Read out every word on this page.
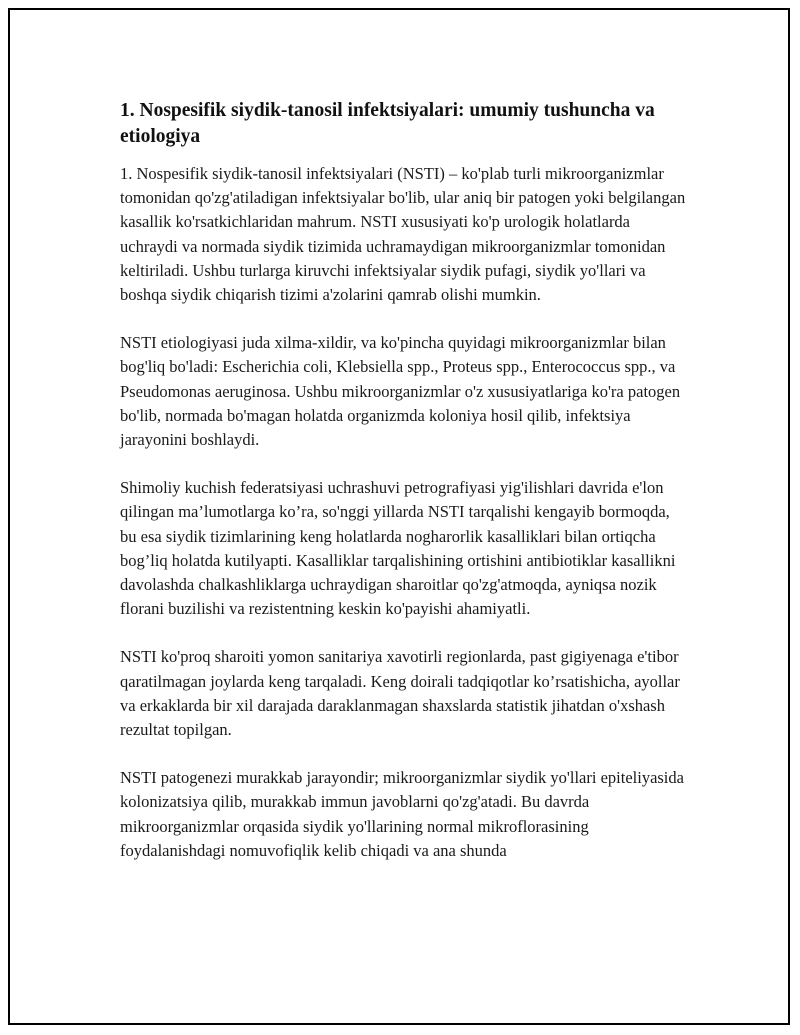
1. Nospesifik siydik-tanosil infektsiyalari: umumiy tushuncha va etiologiya

1. Nospesifik siydik-tanosil infektsiyalari (NSTI) – ko'plab turli mikroorganizmlar tomonidan qo'zg'atiladigan infektsiyalar bo'lib, ular aniq bir patogen yoki belgilangan kasallik ko'rsatkichlaridan mahrum. NSTI xususiyati ko'p urologik holatlarda uchraydi va normada siydik tizimida uchramaydigan mikroorganizmlar tomonidan keltiriladi. Ushbu turlarga kiruvchi infektsiyalar siydik pufagi, siydik yo'llari va boshqa siydik chiqarish tizimi a'zolarini qamrab olishi mumkin.

NSTI etiologiyasi juda xilma-xildir, va ko'pincha quyidagi mikroorganizmlar bilan bog'liq bo'ladi: Escherichia coli, Klebsiella spp., Proteus spp., Enterococcus spp., va Pseudomonas aeruginosa. Ushbu mikroorganizmlar o'z xususiyatlariga ko'ra patogen bo'lib, normada bo'magan holatda organizmda koloniya hosil qilib, infektsiya jarayonini boshlaydi.

Shimoliy kuchish federatsiyasi uchrashuvi petrografiyasi yig'ilishlari davrida e'lon qilingan ma’lumotlarga ko’ra, so'nggi yillarda NSTI tarqalishi kengayib bormoqda, bu esa siydik tizimlarining keng holatlarda nogharorlik kasalliklari bilan ortiqcha bog’liq holatda kutilyapti. Kasalliklar tarqalishining ortishini antibiotiklar kasallikni davolashda chalkashliklarga uchraydigan sharoitlar qo'zg'atmoqda, ayniqsa nozik florani buzilishi va rezistentning keskin ko'payishi ahamiyatli.

NSTI ko'proq sharoiti yomon sanitariya xavotirli regionlarda, past gigiyenaga e'tibor qaratilmagan joylarda keng tarqaladi. Keng doirali tadqiqotlar ko’rsatishicha, ayollar va erkaklarda bir xil darajada daraklanmagan shaxslarda statistik jihatdan o'xshash rezultat topilgan.

NSTI patogenezi murakkab jarayondir; mikroorganizmlar siydik yo'llari epiteliyasida kolonizatsiya qilib, murakkab immun javoblarni qo'zg'atadi. Bu davrda mikroorganizmlar orqasida siydik yo'llarining normal mikroflorasining foydalanishdagi nomuvofiqlik kelib chiqadi va ana shunda
